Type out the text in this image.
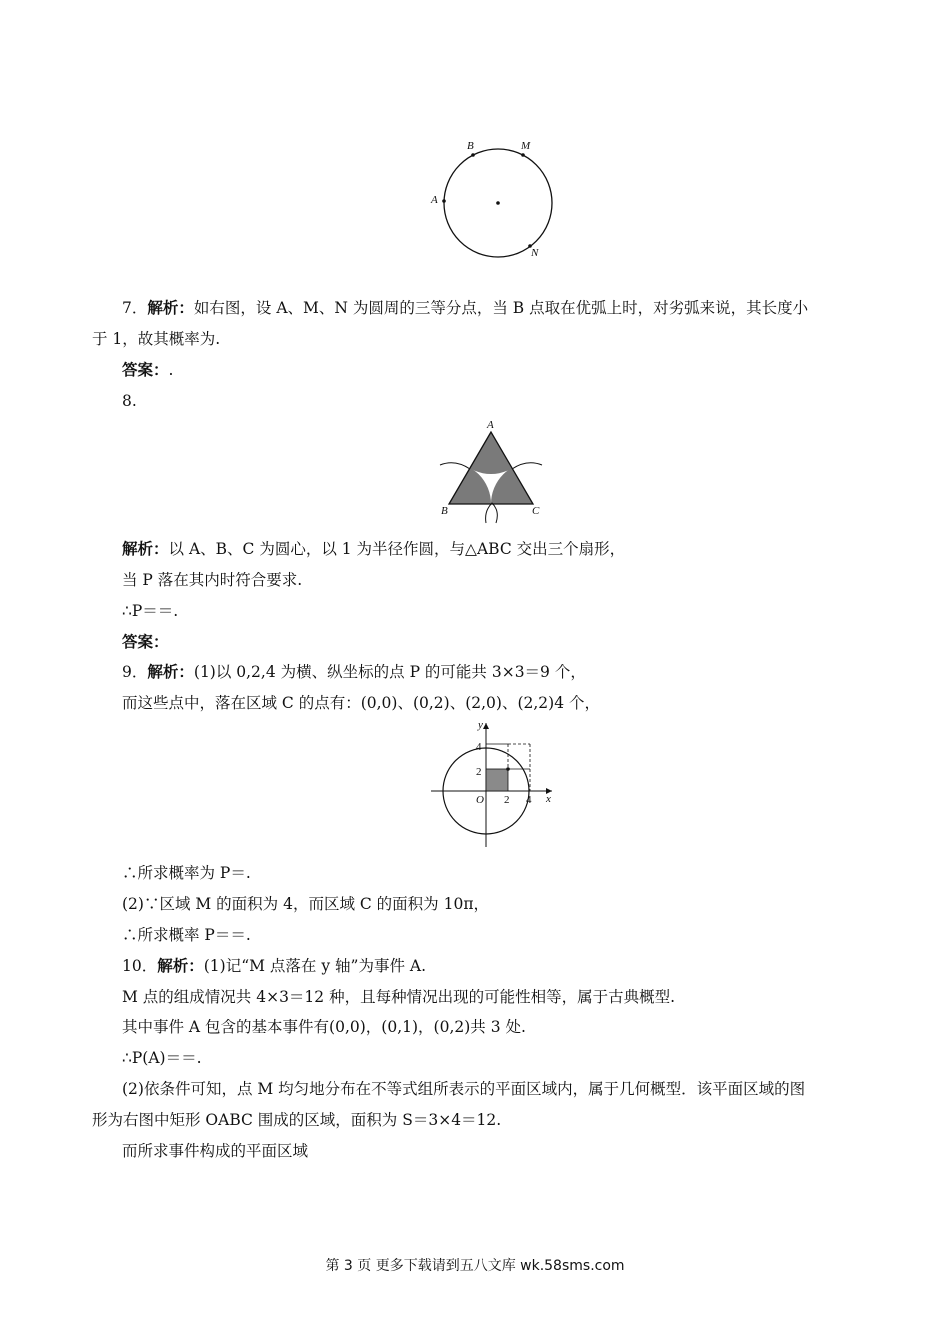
B	M
A
N
7．解析：如右图，设 A、M、N 为圆周的三等分点，当 B 点取在优弧上时，对劣弧来说，其长度小
于 1，故其概率为.
答案：.
8.
A
B	C
解析：以 A、B、C 为圆心，以 1 为半径作圆，与△ABC 交出三个扇形，
当 P 落在其内时符合要求.
∴P＝＝.
答案：
9．解析：(1)以 0,2,4 为横、纵坐标的点 P 的可能共 3×3＝9 个，
而这些点中，落在区域 C 的点有：(0,0)、(0,2)、(2,0)、(2,2)4 个，
y
x
O
4
2
2 4
∴所求概率为 P＝.
(2)∵区域 M 的面积为 4，而区域 C 的面积为 10π，
∴所求概率 P＝＝.
10．解析：(1)记“M 点落在 y 轴”为事件 A.
M 点的组成情况共 4×3＝12 种，且每种情况出现的可能性相等，属于古典概型.
其中事件 A 包含的基本事件有(0,0)，(0,1)，(0,2)共 3 处.
∴P(A)＝＝.
(2)依条件可知，点 M 均匀地分布在不等式组所表示的平面区域内，属于几何概型．该平面区域的图
形为右图中矩形 OABC 围成的区域，面积为 S＝3×4＝12.
而所求事件构成的平面区域
第 3 页 更多下载请到五八文库 wk.58sms.com
